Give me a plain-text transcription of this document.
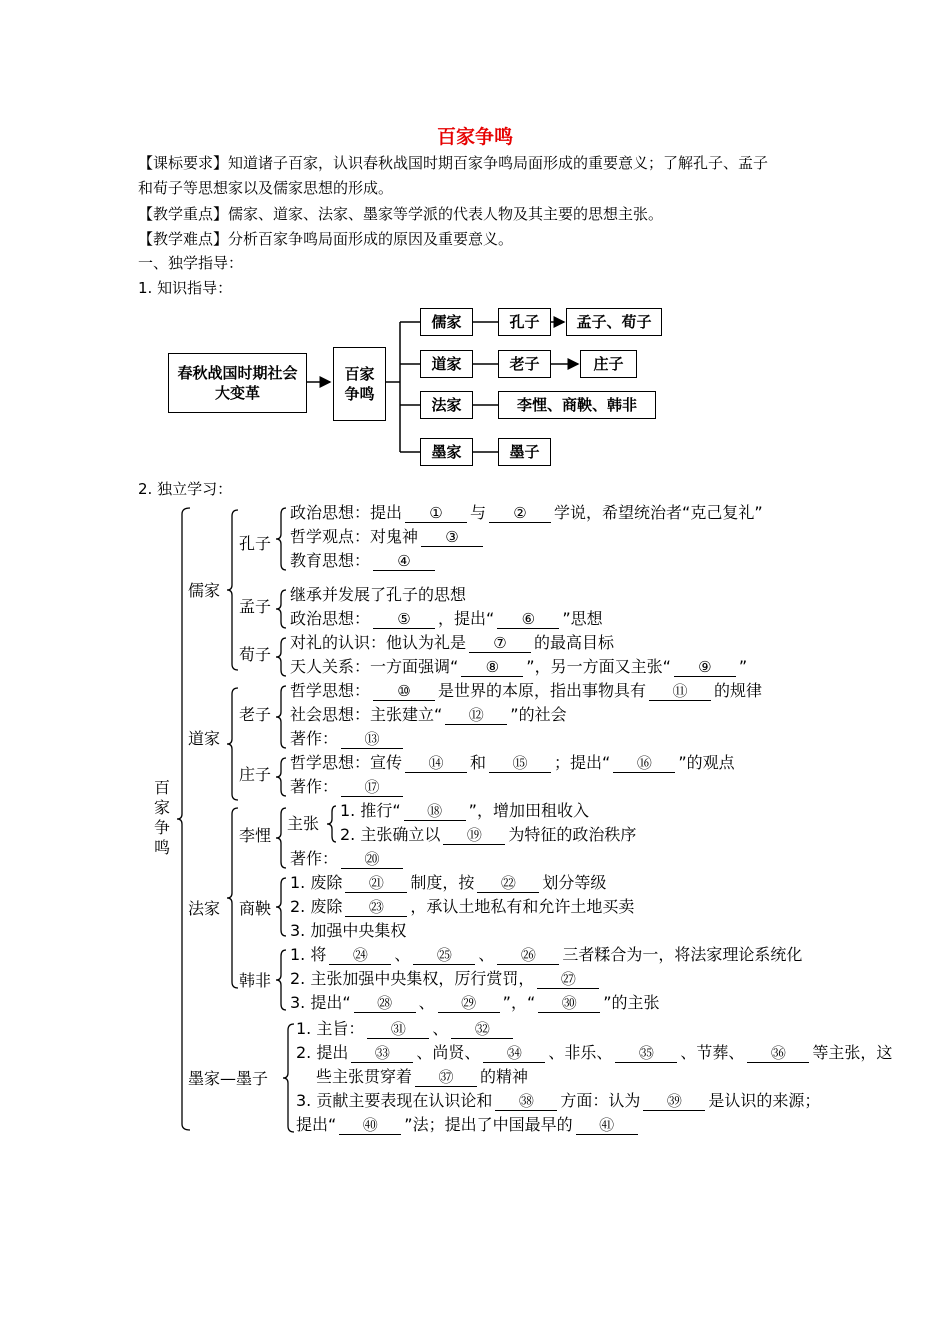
百家争鸣
【课标要求】知道诸子百家，认识春秋战国时期百家争鸣局面形成的重要意义；了解孔子、孟子
和荀子等思想家以及儒家思想的形成。
【教学重点】儒家、道家、法家、墨家等学派的代表人物及其主要的思想主张。
【教学难点】分析百家争鸣局面形成的原因及重要意义。
一、独学指导：
1. 知识指导：
2. 独立学习：
春秋战国时期社会大变革
百家争鸣
儒家	孔子 孟子、荀子
道家	老子	庄子
法家	李悝、商鞅、韩非
墨家	墨子
百家争鸣
儒家
道家
法家
墨家—墨子
孔子
孟子
荀子
老子
庄子
李悝
主张
商鞅
韩非
政治思想：提出 ① 与 ② 学说，希望统治者“克己复礼”
哲学观点：对鬼神 ③
教育思想： ④
继承并发展了孔子的思想
政治思想： ⑤ ，提出“ ⑥ ”思想
对礼的认识：他认为礼是 ⑦ 的最高目标
天人关系：一方面强调“ ⑧ ”，另一方面又主张“ ⑨ ”
哲学思想： ⑩ 是世界的本原，指出事物具有 ⑪ 的规律
社会思想：主张建立“ ⑫ ”的社会
著作： ⑬
哲学思想：宣传 ⑭ 和 ⑮ ；提出“ ⑯ ”的观点
著作： ⑰
1. 推行“ ⑱ ”，增加田租收入
2. 主张确立以 ⑲ 为特征的政治秩序
著作： ⑳
1. 废除 ㉑ 制度，按 ㉒ 划分等级
2. 废除 ㉓ ，承认土地私有和允许土地买卖
3. 加强中央集权
1. 将 ㉔ 、 ㉕ 、 ㉖ 三者糅合为一，将法家理论系统化
2. 主张加强中央集权，厉行赏罚， ㉗
3. 提出“ ㉘ 、 ㉙ ”，“ ㉚ ”的主张
1. 主旨： ㉛ 、 ㉜
2. 提出 ㉝ 、尚贤、 ㉞ 、非乐、 ㉟ 、节葬、 ㊱ 等主张，这
些主张贯穿着 ㊲ 的精神
3. 贡献主要表现在认识论和 ㊳ 方面：认为 ㊴ 是认识的来源；
提出“ ㊵ ”法；提出了中国最早的 ㊶
